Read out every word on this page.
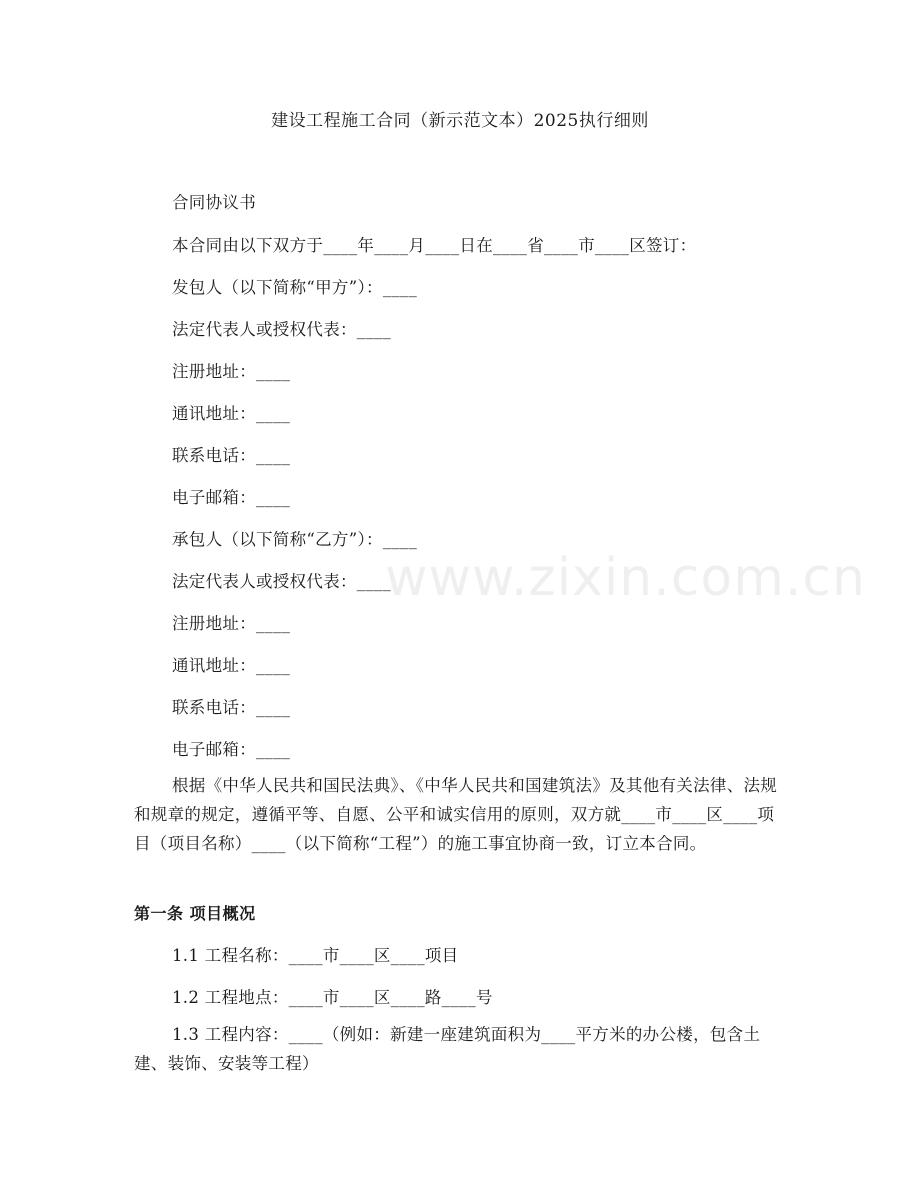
建设工程施工合同（新示范文本）2025执行细则
合同协议书
本合同由以下双方于____年____月____日在____省____市____区签订：
发包人（以下简称“甲方”）：____
法定代表人或授权代表：____
注册地址：____
通讯地址：____
联系电话：____
电子邮箱：____
承包人（以下简称“乙方”）：____
法定代表人或授权代表：____
注册地址：____
通讯地址：____
联系电话：____
电子邮箱：____
根据《中华人民共和国民法典》、《中华人民共和国建筑法》及其他有关法律、法规和规章的规定，遵循平等、自愿、公平和诚实信用的原则，双方就____市____区____项目（项目名称）____（以下简称“工程”）的施工事宜协商一致，订立本合同。
第一条 项目概况
1.1 工程名称：____市____区____项目
1.2 工程地点：____市____区____路____号
1.3 工程内容：____（例如：新建一座建筑面积为____平方米的办公楼，包含土建、装饰、安装等工程）
www.zixin.com.cn
